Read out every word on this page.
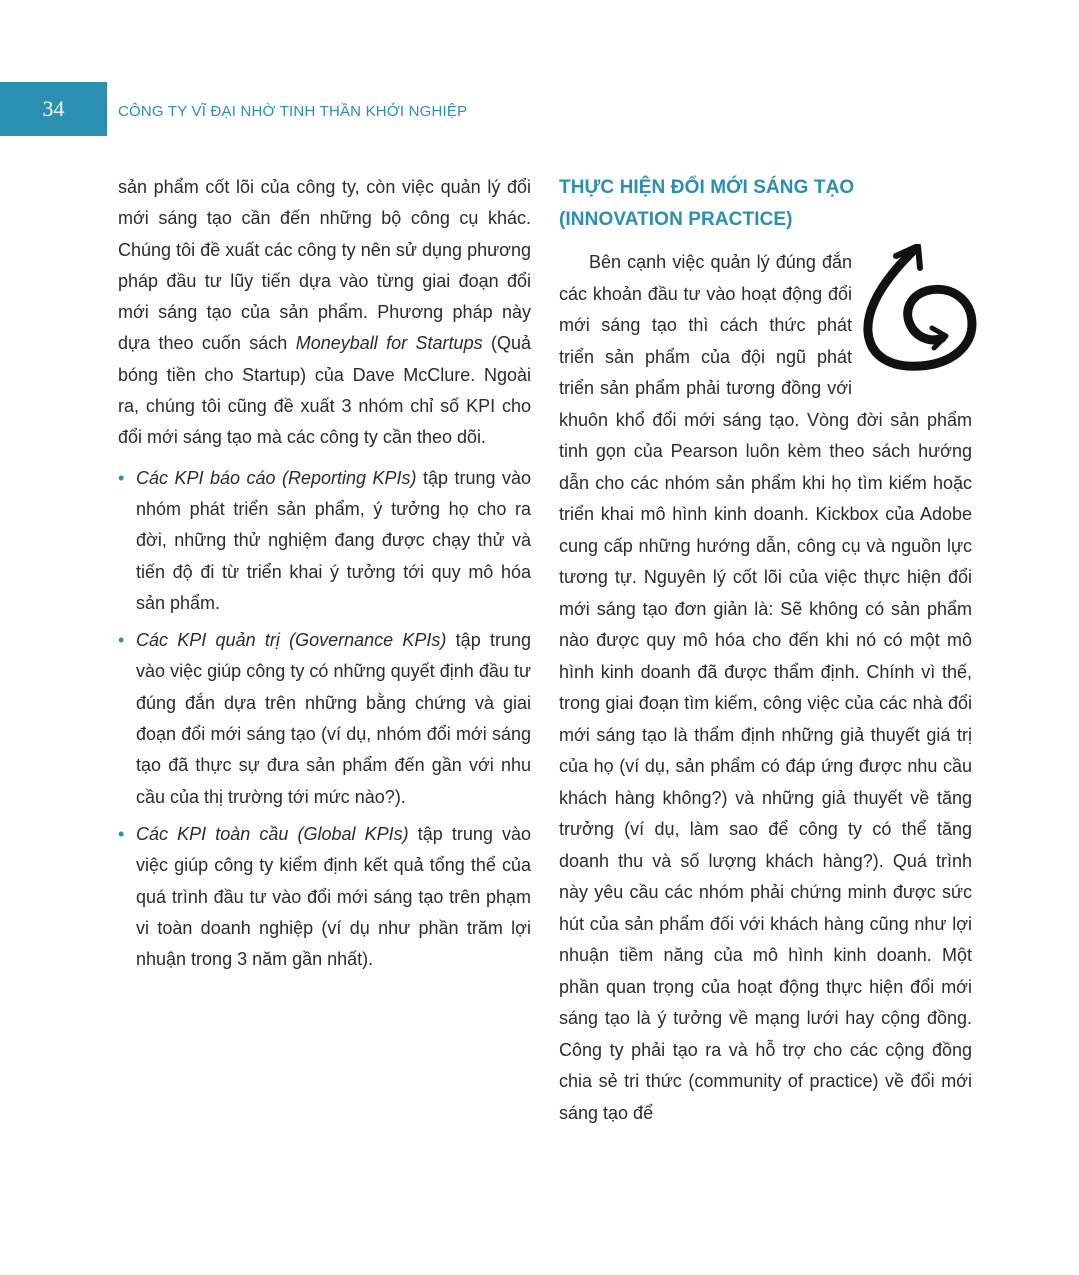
34	CÔNG TY VĨ ĐẠI NHỜ TINH THẦN KHỞI NGHIỆP

sản phẩm cốt lõi của công ty, còn việc quản lý đổi mới sáng tạo cần đến những bộ công cụ khác. Chúng tôi đề xuất các công ty nên sử dụng phương pháp đầu tư lũy tiến dựa vào từng giai đoạn đổi mới sáng tạo của sản phẩm. Phương pháp này dựa theo cuốn sách Moneyball for Startups (Quả bóng tiền cho Startup) của Dave McClure. Ngoài ra, chúng tôi cũng đề xuất 3 nhóm chỉ số KPI cho đổi mới sáng tạo mà các công ty cần theo dõi.

• Các KPI báo cáo (Reporting KPIs) tập trung vào nhóm phát triển sản phẩm, ý tưởng họ cho ra đời, những thử nghiệm đang được chạy thử và tiến độ đi từ triển khai ý tưởng tới quy mô hóa sản phẩm.
• Các KPI quản trị (Governance KPIs) tập trung vào việc giúp công ty có những quyết định đầu tư đúng đắn dựa trên những bằng chứng và giai đoạn đổi mới sáng tạo (ví dụ, nhóm đổi mới sáng tạo đã thực sự đưa sản phẩm đến gần với nhu cầu của thị trường tới mức nào?).
• Các KPI toàn cầu (Global KPIs) tập trung vào việc giúp công ty kiểm định kết quả tổng thể của quá trình đầu tư vào đổi mới sáng tạo trên phạm vi toàn doanh nghiệp (ví dụ như phần trăm lợi nhuận trong 3 năm gần nhất).
THỰC HIỆN ĐỔI MỚI SÁNG TẠO
(INNOVATION PRACTICE)

Bên cạnh việc quản lý đúng đắn các khoản đầu tư vào hoạt động đổi mới sáng tạo thì cách thức phát triển sản phẩm của đội ngũ phát triển sản phẩm phải tương đồng với khuôn khổ đổi mới sáng tạo. Vòng đời sản phẩm tinh gọn của Pearson luôn kèm theo sách hướng dẫn cho các nhóm sản phẩm khi họ tìm kiếm hoặc triển khai mô hình kinh doanh. Kickbox của Adobe cung cấp những hướng dẫn, công cụ và nguồn lực tương tự. Nguyên lý cốt lõi của việc thực hiện đổi mới sáng tạo đơn giản là: Sẽ không có sản phẩm nào được quy mô hóa cho đến khi nó có một mô hình kinh doanh đã được thẩm định. Chính vì thế, trong giai đoạn tìm kiếm, công việc của các nhà đổi mới sáng tạo là thẩm định những giả thuyết giá trị của họ (ví dụ, sản phẩm có đáp ứng được nhu cầu khách hàng không?) và những giả thuyết về tăng trưởng (ví dụ, làm sao để công ty có thể tăng doanh thu và số lượng khách hàng?). Quá trình này yêu cầu các nhóm phải chứng minh được sức hút của sản phẩm đối với khách hàng cũng như lợi nhuận tiềm năng của mô hình kinh doanh. Một phần quan trọng của hoạt động thực hiện đổi mới sáng tạo là ý tưởng về mạng lưới hay cộng đồng. Công ty phải tạo ra và hỗ trợ cho các cộng đồng chia sẻ tri thức (community of practice) về đổi mới sáng tạo để
